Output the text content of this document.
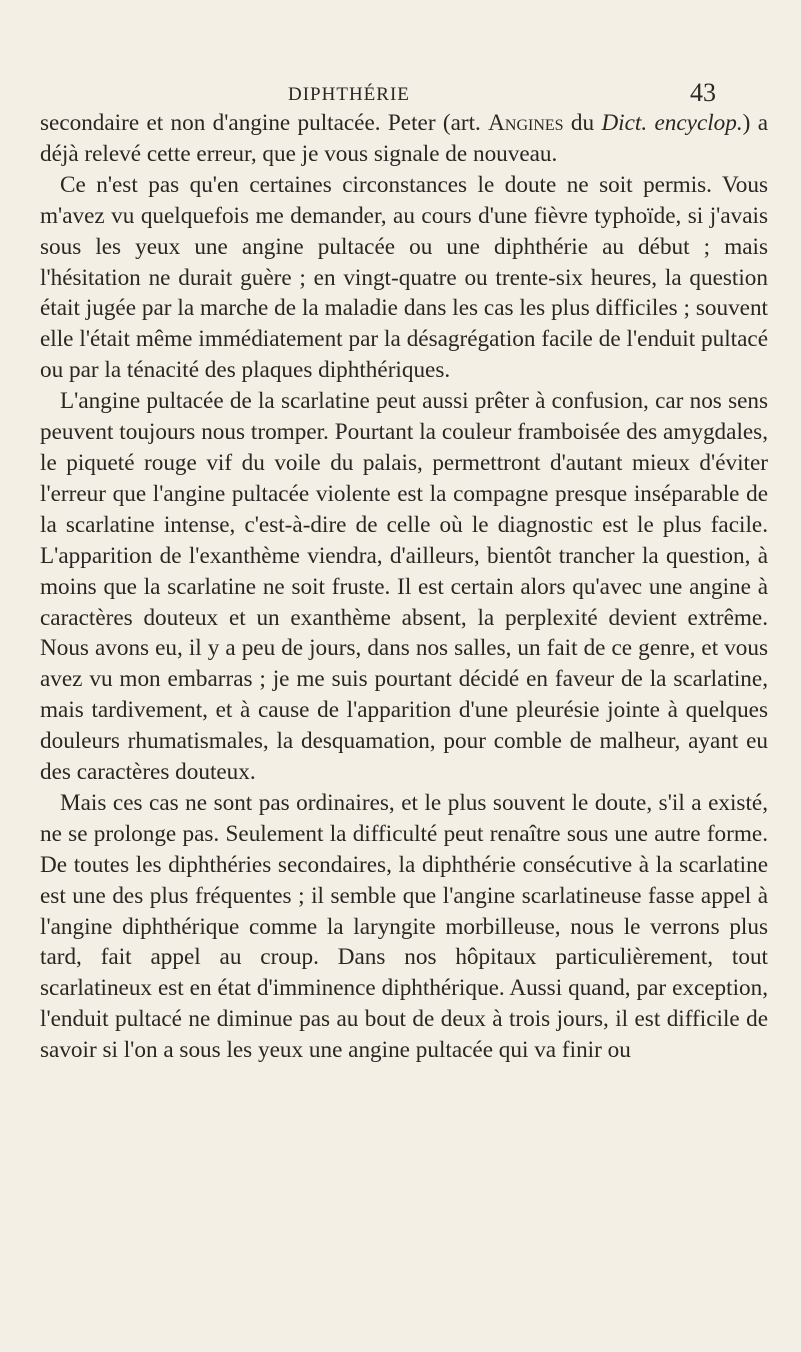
DIPHTHÉRIE	43

secondaire et non d'angine pultacée. Peter (art. Angines du Dict. encyclop.) a déjà relevé cette erreur, que je vous signale de nouveau.

Ce n'est pas qu'en certaines circonstances le doute ne soit permis. Vous m'avez vu quelquefois me demander, au cours d'une fièvre typhoïde, si j'avais sous les yeux une angine pultacée ou une diphthérie au début ; mais l'hésitation ne durait guère ; en vingt-quatre ou trente-six heures, la question était jugée par la marche de la maladie dans les cas les plus difficiles ; souvent elle l'était même immédiatement par la désagrégation facile de l'enduit pultacé ou par la ténacité des plaques diphthériques.

L'angine pultacée de la scarlatine peut aussi prêter à confusion, car nos sens peuvent toujours nous tromper. Pourtant la couleur framboisée des amygdales, le piqueté rouge vif du voile du palais, permettront d'autant mieux d'éviter l'erreur que l'angine pultacée violente est la compagne presque inséparable de la scarlatine intense, c'est-à-dire de celle où le diagnostic est le plus facile. L'apparition de l'exanthème viendra, d'ailleurs, bientôt trancher la question, à moins que la scarlatine ne soit fruste. Il est certain alors qu'avec une angine à caractères douteux et un exanthème absent, la perplexité devient extrême. Nous avons eu, il y a peu de jours, dans nos salles, un fait de ce genre, et vous avez vu mon embarras ; je me suis pourtant décidé en faveur de la scarlatine, mais tardivement, et à cause de l'apparition d'une pleurésie jointe à quelques douleurs rhumatismales, la desquamation, pour comble de malheur, ayant eu des caractères douteux.

Mais ces cas ne sont pas ordinaires, et le plus souvent le doute, s'il a existé, ne se prolonge pas. Seulement la difficulté peut renaître sous une autre forme. De toutes les diphthéries secondaires, la diphthérie consécutive à la scarlatine est une des plus fréquentes ; il semble que l'angine scarlatineuse fasse appel à l'angine diphthérique comme la laryngite morbilleuse, nous le verrons plus tard, fait appel au croup. Dans nos hôpitaux particulièrement, tout scarlatineux est en état d'imminence diphthérique. Aussi quand, par exception, l'enduit pultacé ne diminue pas au bout de deux à trois jours, il est difficile de savoir si l'on a sous les yeux une angine pultacée qui va finir ou
